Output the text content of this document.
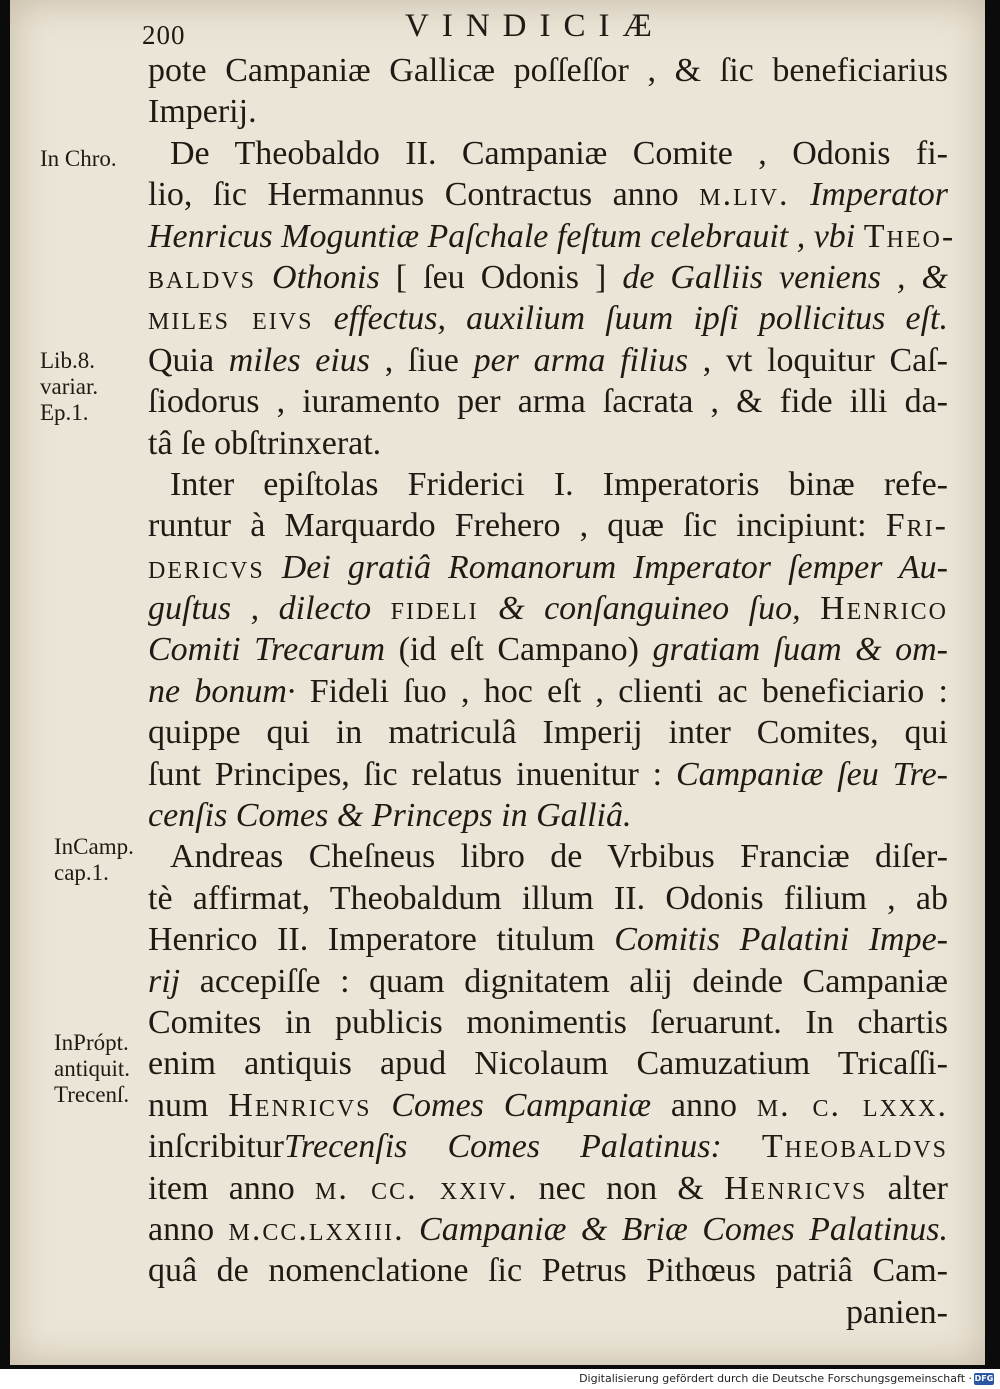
200	VINDICIÆ
In Chro.
Lib.8.
variar.
Ep.1.
InCamp.
cap.1.
InPrópt.
antiquit.
Trecenſ.
pote Campaniæ Gallicæ poſſeſſor , & ſic beneficiarius
Imperij.
De Theobaldo II. Campaniæ Comite , Odonis fi-
lio, ſic Hermannus Contractus anno m.liv. Imperator
Henricus Moguntiæ Paſchale feſtum celebrauit , vbi Theo-
baldvs Othonis [ ſeu Odonis ] de Galliis veniens , &
miles eivs effectus, auxilium ſuum ipſi pollicitus eſt.
Quia miles eius , ſiue per arma filius , vt loquitur Caſ-
ſiodorus , iuramento per arma ſacrata , & fide illi da-
tâ ſe obſtrinxerat.
Inter epiſtolas Friderici I. Imperatoris binæ refe-
runtur à Marquardo Frehero , quæ ſic incipiunt: Fri-
dericvs Dei gratiâ Romanorum Imperator ſemper Au-
guſtus , dilecto fideli & conſanguineo ſuo, Henrico
Comiti Trecarum (id eſt Campano) gratiam ſuam & om-
ne bonum· Fideli ſuo , hoc eſt , clienti ac beneficiario :
quippe qui in matriculâ Imperij inter Comites, qui
ſunt Principes, ſic relatus inuenitur : Campaniæ ſeu Tre-
cenſis Comes & Princeps in Galliâ.
Andreas Cheſneus libro de Vrbibus Franciæ diſer-
tè affirmat, Theobaldum illum II. Odonis filium , ab
Henrico II. Imperatore titulum Comitis Palatini Impe-
rij accepiſſe : quam dignitatem alij deinde Campaniæ
Comites in publicis monimentis ſeruarunt. In chartis
enim antiquis apud Nicolaum Camuzatium Tricaſſi-
num Henricvs Comes Campaniæ anno m. c. lxxx.
inſcribiturTrecenſis Comes Palatinus: Theobaldvs
item anno m. cc. xxiv. nec non & Henricvs alter
anno m.cc.lxxiii. Campaniæ & Briæ Comes Palatinus.
quâ de nomenclatione ſic Petrus Pithœus patriâ Cam-
panien-
Digitalisierung gefördert durch die Deutsche Forschungsgemeinschaft · DFG
